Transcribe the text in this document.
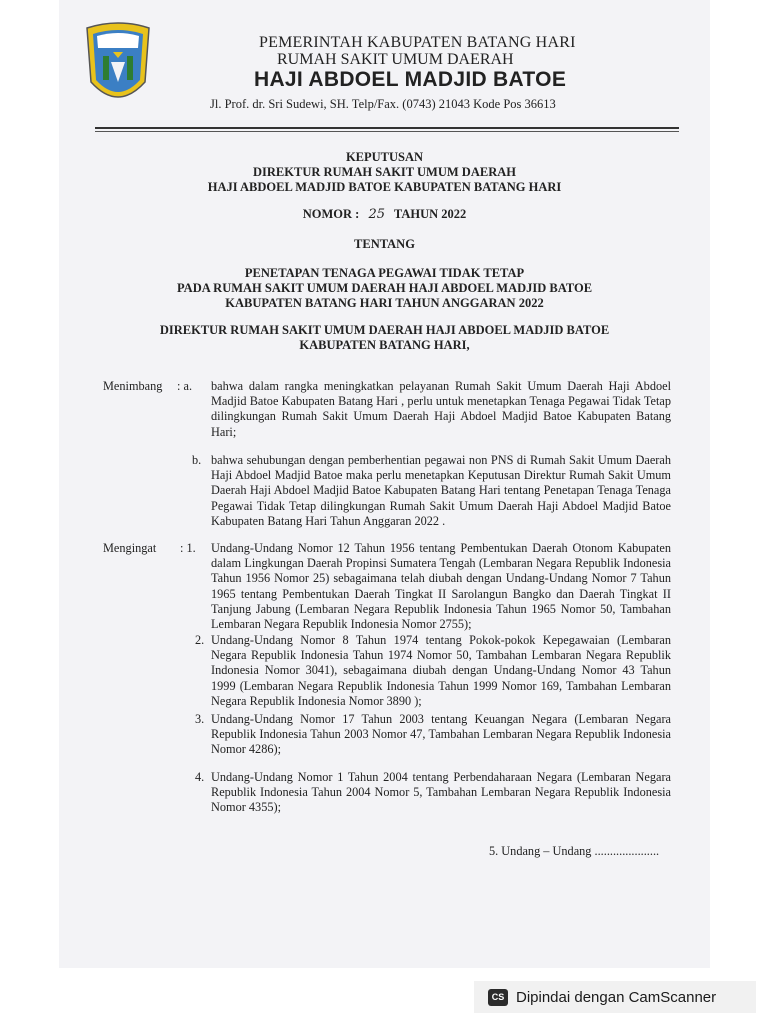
PEMERINTAH KABUPATEN BATANG HARI
RUMAH SAKIT UMUM DAERAH
HAJI ABDOEL MADJID BATOE
Jl. Prof. dr. Sri Sudewi, SH. Telp/Fax. (0743) 21043 Kode Pos 36613
KEPUTUSAN
DIREKTUR RUMAH SAKIT UMUM DAERAH
HAJI ABDOEL MADJID BATOE KABUPATEN BATANG HARI
NOMOR : 25 TAHUN 2022
TENTANG
PENETAPAN TENAGA PEGAWAI TIDAK TETAP
PADA RUMAH SAKIT UMUM DAERAH HAJI ABDOEL MADJID BATOE
KABUPATEN BATANG HARI TAHUN ANGGARAN 2022
DIREKTUR RUMAH SAKIT UMUM DAERAH HAJI ABDOEL MADJID BATOE
KABUPATEN BATANG HARI,
Menimbang : a. bahwa dalam rangka meningkatkan pelayanan Rumah Sakit Umum Daerah Haji Abdoel Madjid Batoe Kabupaten Batang Hari , perlu untuk menetapkan Tenaga Pegawai Tidak Tetap dilingkungan Rumah Sakit Umum Daerah Haji Abdoel Madjid Batoe Kabupaten Batang Hari;
b. bahwa sehubungan dengan pemberhentian pegawai non PNS di Rumah Sakit Umum Daerah Haji Abdoel Madjid Batoe maka perlu menetapkan Keputusan Direktur Rumah Sakit Umum Daerah Haji Abdoel Madjid Batoe Kabupaten Batang Hari tentang Penetapan Tenaga Tenaga Pegawai Tidak Tetap dilingkungan Rumah Sakit Umum Daerah Haji Abdoel Madjid Batoe Kabupaten Batang Hari Tahun Anggaran 2022 .
Mengingat : 1. Undang-Undang Nomor 12 Tahun 1956 tentang Pembentukan Daerah Otonom Kabupaten dalam Lingkungan Daerah Propinsi Sumatera Tengah (Lembaran Negara Republik Indonesia Tahun 1956 Nomor 25) sebagaimana telah diubah dengan Undang-Undang Nomor 7 Tahun 1965 tentang Pembentukan Daerah Tingkat II Sarolangun Bangko dan Daerah Tingkat II Tanjung Jabung (Lembaran Negara Republik Indonesia Tahun 1965 Nomor 50, Tambahan Lembaran Negara Republik Indonesia Nomor 2755);
2. Undang-Undang Nomor 8 Tahun 1974 tentang Pokok-pokok Kepegawaian (Lembaran Negara Republik Indonesia Tahun 1974 Nomor 50, Tambahan Lembaran Negara Republik Indonesia Nomor 3041), sebagaimana diubah dengan Undang-Undang Nomor 43 Tahun 1999 (Lembaran Negara Republik Indonesia Tahun 1999 Nomor 169, Tambahan Lembaran Negara Republik Indonesia Nomor 3890 );
3. Undang-Undang Nomor 17 Tahun 2003 tentang Keuangan Negara (Lembaran Negara Republik Indonesia Tahun 2003 Nomor 47, Tambahan Lembaran Negara Republik Indonesia Nomor 4286);
4. Undang-Undang Nomor 1 Tahun 2004 tentang Perbendaharaan Negara (Lembaran Negara Republik Indonesia Tahun 2004 Nomor 5, Tambahan Lembaran Negara Republik Indonesia Nomor 4355);
5. Undang – Undang .....................
CS Dipindai dengan CamScanner
